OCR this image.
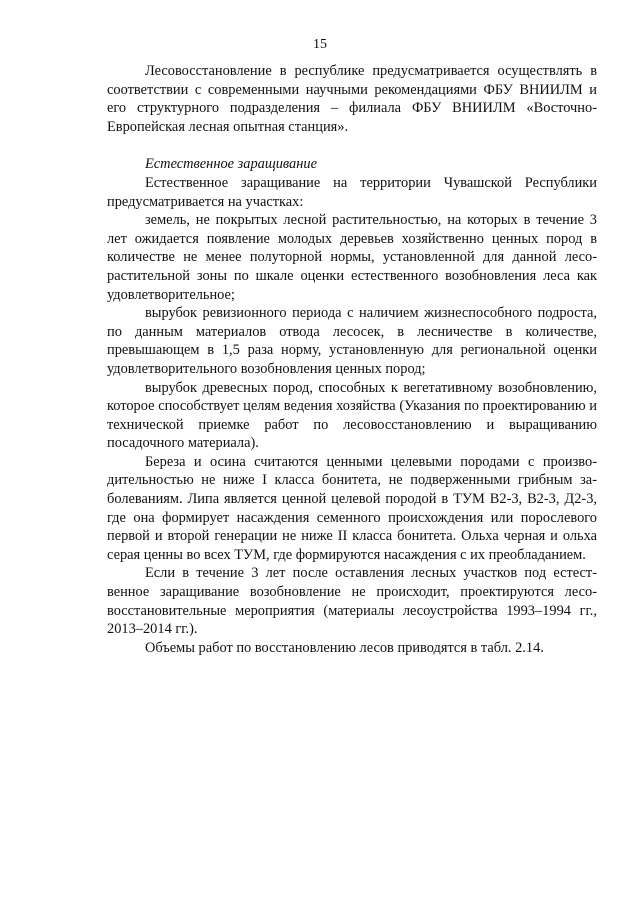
15

Лесовосстановление в республике предусматривается осуществлять в соответствии с современными научными рекомендациями ФБУ ВНИИЛМ и его структурного подразделения – филиала ФБУ ВНИИЛМ «Восточно-Европейская лесная опытная станция».

Естественное заращивание

Естественное заращивание на территории Чувашской Республики предусматривается на участках:

земель, не покрытых лесной растительностью, на которых в течение 3 лет ожидается появление молодых деревьев хозяйственно ценных пород в количестве не менее полуторной нормы, установленной для данной лесорастительной зоны по шкале оценки естественного возобновления леса как удовлетворительное;

вырубок ревизионного периода с наличием жизнеспособного подроста, по данным материалов отвода лесосек, в лесничестве в количестве, превышающем в 1,5 раза норму, установленную для региональной оценки удовлетворительного возобновления ценных пород;

вырубок древесных пород, способных к вегетативному возобновлению, которое способствует целям ведения хозяйства (Указания по проектированию и технической приемке работ по лесовосстановлению и выращиванию посадочного материала).

Береза и осина считаются ценными целевыми породами с производительностью не ниже I класса бонитета, не подверженными грибным заболеваниям. Липа является ценной целевой породой в ТУМ В2-3, В2-3, Д2-3, где она формирует насаждения семенного происхождения или порослевого первой и второй генерации не ниже II класса бонитета. Ольха черная и ольха серая ценны во всех ТУМ, где формируются насаждения с их преобладанием.

Если в течение 3 лет после оставления лесных участков под естественное заращивание возобновление не происходит, проектируются лесовосстановительные мероприятия (материалы лесоустройства 1993–1994 гг., 2013–2014 гг.).

Объемы работ по восстановлению лесов приводятся в табл. 2.14.
